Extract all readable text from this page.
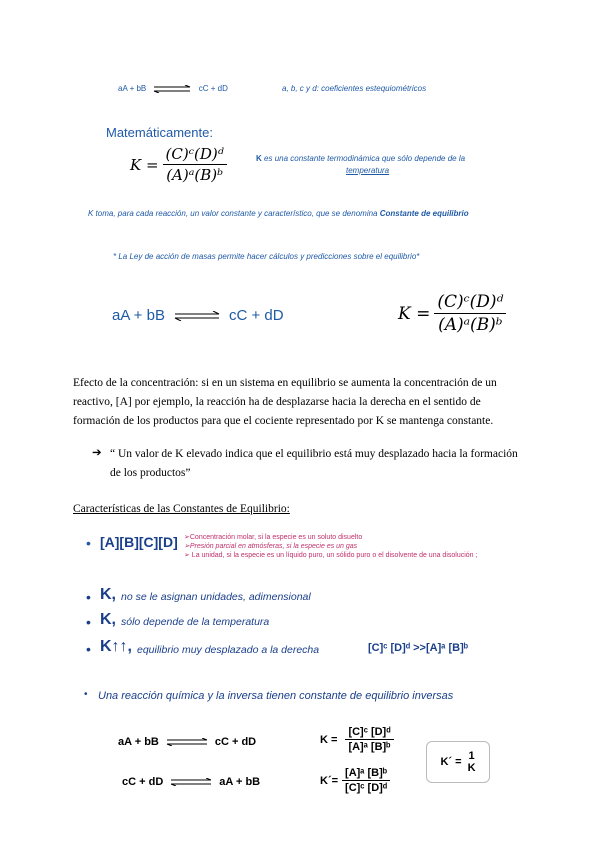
aA + bB	cC + dD	a, b, c y d: coeficientes estequiométricos
Matemáticamente:
$K = \frac{\text{(C)ᶜ(D)ᵈ}}{\text{(A)ᵃ(B)ᵇ}}$	K es una constante termodinámica que sólo depende de la temperatura
K toma, para cada reacción, un valor constante y característico, que se denomina Constante de equilibrio
* La Ley de acción de masas permite hacer cálculos y predicciones sobre el equilibrio*
aA + bB ⇌ cC + dD	$K = \frac{\text{(C)ᶜ(D)ᵈ}}{\text{(A)ᵃ(B)ᵇ}}$
Efecto de la concentración: si en un sistema en equilibrio se aumenta la concentración de un
reactivo, [A] por ejemplo, la reacción ha de desplazarse hacia la derecha en el sentido de
formación de los productos para que el cociente representado por K se mantenga constante.
➔ “ Un valor de K elevado indica que el equilibrio está muy desplazado hacia la formación
de los productos”
Características de las Constantes de Equilibrio:
• [A][B][C][D] ➢Concentración molar, si la especie es un soluto disuelto
➢Presión parcial en atmósferas, si la especie es un gas
➢ La unidad, si la especie es un líquido puro, un sólido puro o el disolvente de una disolución ;
• K, no se le asignan unidades, adimensional
• K, sólo depende de la temperatura
• K↑↑, equilibrio muy desplazado a la derecha	[C]ᶜ [D]ᵈ >>[A]ᵃ [B]ᵇ
• Una reacción química y la inversa tienen constante de equilibrio inversas
aA + bB ⇌ cC + dD
cC + dD ⇌ aA + bB
$K = \frac{\text{[C]ᶜ [D]ᵈ}}{\text{[A]ᵃ [B]ᵇ}}$
K´= $\frac{\text{[A]ᵃ [B]ᵇ}}{\text{[C]ᶜ [D]ᵈ}}$
K´ = 1
K
